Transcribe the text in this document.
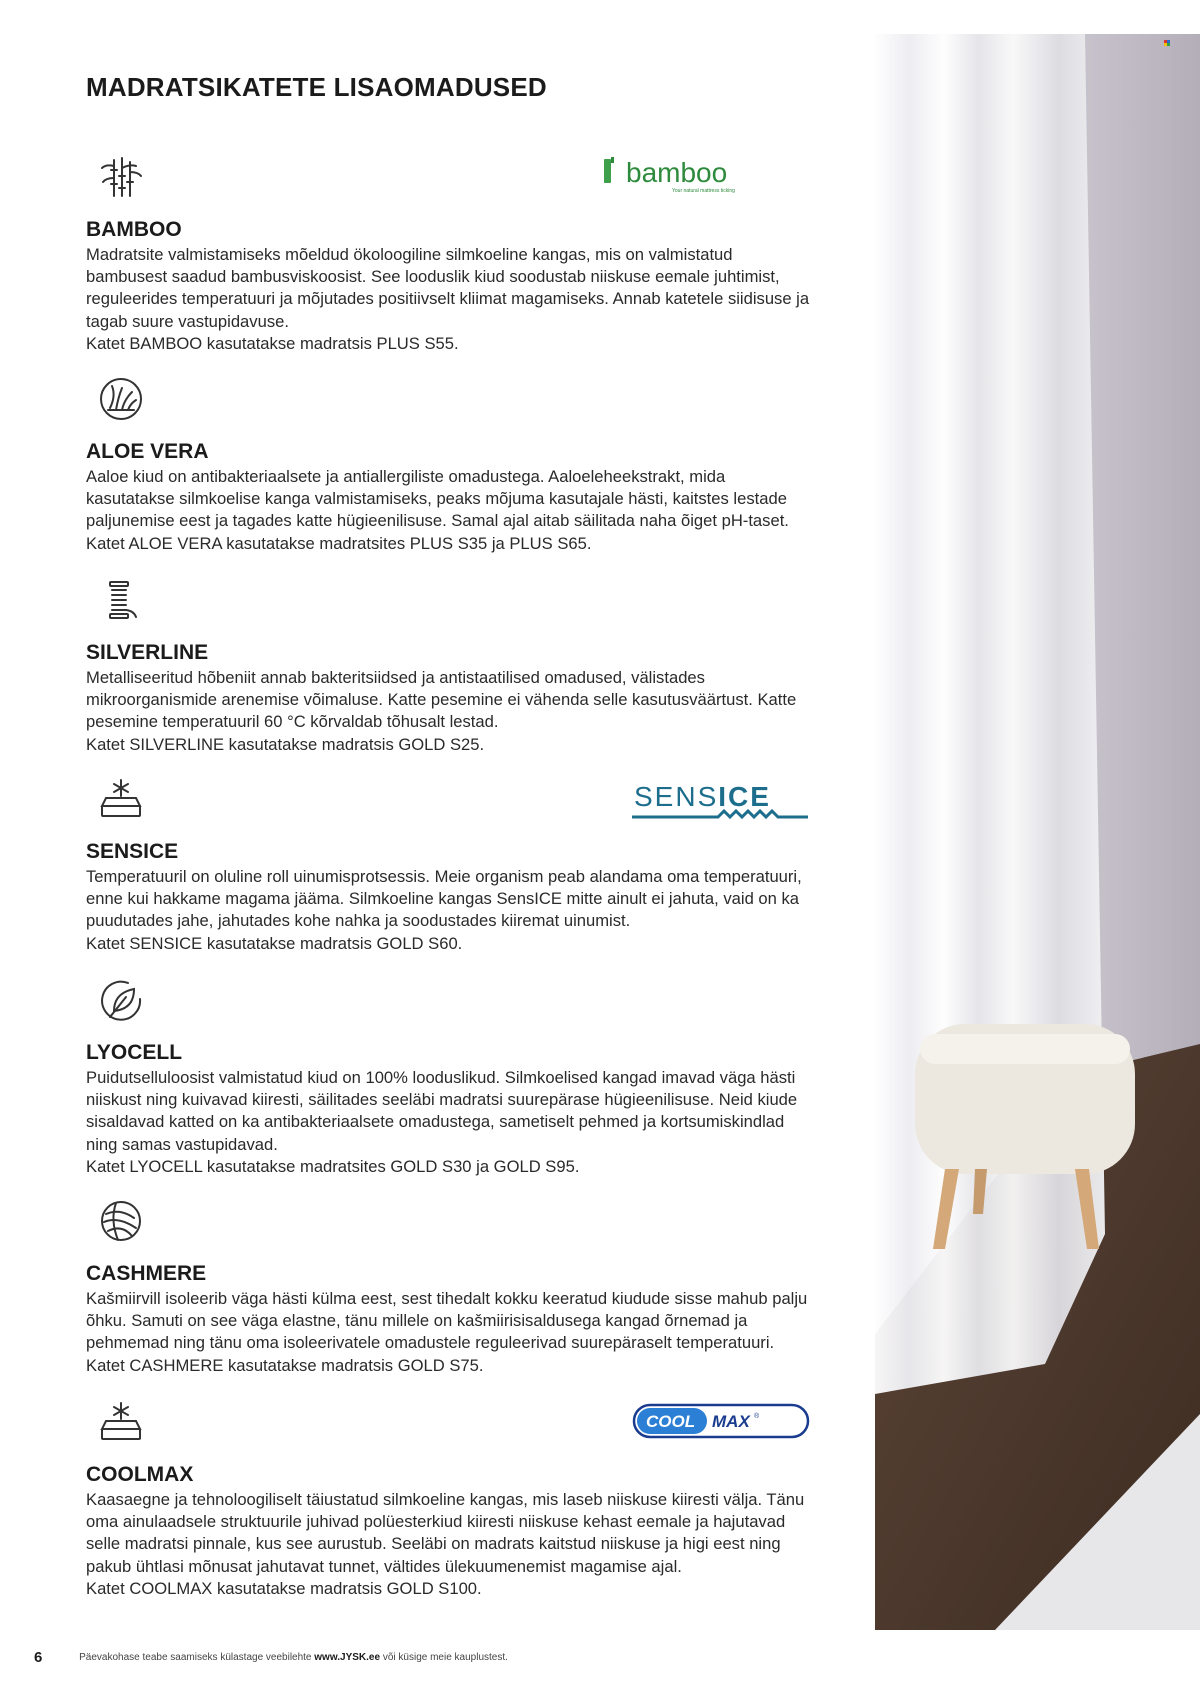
MADRATSIKATETE LISAOMADUSED
BAMBOO

Madratsite valmistamiseks mõeldud ökoloogiline silmkoeline kangas, mis on valmistatud bambusest saadud bambusviskoosist. See looduslik kiud soodustab niiskuse eemale juhtimist, reguleerides temperatuuri ja mõjutades positiivselt kliimat magamiseks. Annab katetele siidisuse ja tagab suure vastupidavuse.

Katet BAMBOO kasutatakse madratsis PLUS S55.

ALOE VERA

Aaloe kiud on antibakteriaalsete ja antiallergiliste omadustega. Aaloeleheekstrakt, mida kasutatakse silmkoelise kanga valmistamiseks, peaks mõjuma kasutajale hästi, kaitstes lestade paljunemise eest ja tagades katte hügieenilisuse. Samal ajal aitab säilitada naha õiget pH-taset.

Katet ALOE VERA kasutatakse madratsites PLUS S35 ja PLUS S65.

SILVERLINE

Metalliseeritud hõbeniit annab bakteritsiidsed ja antistaatilised omadused, välistades mikroorganismide arenemise võimaluse. Katte pesemine ei vähenda selle kasutusväärtust. Katte pesemine temperatuuril 60 °C kõrvaldab tõhusalt lestad.

Katet SILVERLINE kasutatakse madratsis GOLD S25.

SENSICE

Temperatuuril on oluline roll uinumisprotsessis. Meie organism peab alandama oma temperatuuri, enne kui hakkame magama jääma. Silmkoeline kangas SensICE mitte ainult ei jahuta, vaid on ka puudutades jahe, jahutades kohe nahka ja soodustades kiiremat uinumist.

Katet SENSICE kasutatakse madratsis GOLD S60.

LYOCELL

Puidutselluloosist valmistatud kiud on 100% looduslikud. Silmkoelised kangad imavad väga hästi niiskust ning kuivavad kiiresti, säilitades seeläbi madratsi suurepärase hügieenilisuse. Neid kiude sisaldavad katted on ka antibakteriaalsete omadustega, sametiselt pehmed ja kortsumiskindlad ning samas vastupidavad.

Katet LYOCELL kasutatakse madratsites GOLD S30 ja GOLD S95.

CASHMERE

Kašmiirvill isoleerib väga hästi külma eest, sest tihedalt kokku keeratud kiudude sisse mahub palju õhku. Samuti on see väga elastne, tänu millele on kašmiirisisaldusega kangad õrnemad ja pehmemad ning tänu oma isoleerivatele omadustele reguleerivad suurepäraselt temperatuuri.

Katet CASHMERE kasutatakse madratsis GOLD S75.

COOLMAX

Kaasaegne ja tehnoloogiliselt täiustatud silmkoeline kangas, mis laseb niiskuse kiiresti välja. Tänu oma ainulaadsele struktuurile juhivad polüesterkiud kiiresti niiskuse kehast eemale ja hajutavad selle madratsi pinnale, kus see aurustub. Seeläbi on madrats kaitstud niiskuse ja higi eest ning pakub ühtlasi mõnusat jahutavat tunnet, vältides ülekuumenemist magamise ajal.

Katet COOLMAX kasutatakse madratsis GOLD S100.

bamboo
Your natural mattress ticking
SENSICE
COOL MAX ®
6	Päevakohase teabe saamiseks külastage veebilehte www.JYSK.ee või küsige meie kauplustest.
